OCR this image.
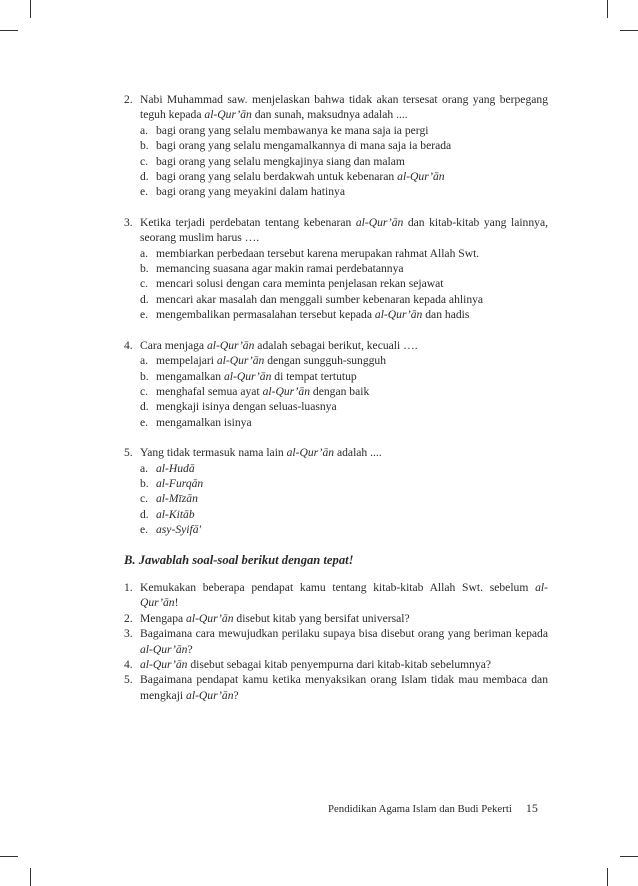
2. Nabi Muhammad saw. menjelaskan bahwa tidak akan tersesat orang yang berpegang teguh kepada al-Qur’ān dan sunah, maksudnya adalah ....
a. bagi orang yang selalu membawanya ke mana saja ia pergi
b. bagi orang yang selalu mengamalkannya di mana saja ia berada
c. bagi orang yang selalu mengkajinya siang dan malam
d. bagi orang yang selalu berdakwah untuk kebenaran al-Qur’ān
e. bagi orang yang meyakini dalam hatinya
3. Ketika terjadi perdebatan tentang kebenaran al-Qur’ān dan kitab-kitab yang lainnya, seorang muslim harus ….
a. membiarkan perbedaan tersebut karena merupakan rahmat Allah Swt.
b. memancing suasana agar makin ramai perdebatannya
c. mencari solusi dengan cara meminta penjelasan rekan sejawat
d. mencari akar masalah dan menggali sumber kebenaran kepada ahlinya
e. mengembalikan permasalahan tersebut kepada al-Qur’ān dan hadis
4. Cara menjaga al-Qur’ān adalah sebagai berikut, kecuali ….
a. mempelajari al-Qur’ān dengan sungguh-sungguh
b. mengamalkan al-Qur’ān di tempat tertutup
c. menghafal semua ayat al-Qur’ān dengan baik
d. mengkaji isinya dengan seluas-luasnya
e. mengamalkan isinya
5. Yang tidak termasuk nama lain al-Qur’ān adalah ....
a. al-Hudā
b. al-Furqān
c. al-Mīzān
d. al-Kitāb
e. asy-Syifā'
B. Jawablah soal-soal berikut dengan tepat!
1. Kemukakan beberapa pendapat kamu tentang kitab-kitab Allah Swt. sebelum al-Qur’ān!
2. Mengapa al-Qur’ān disebut kitab yang bersifat universal?
3. Bagaimana cara mewujudkan perilaku supaya bisa disebut orang yang beriman kepada al-Qur’ān?
4. al-Qur’ān disebut sebagai kitab penyempurna dari kitab-kitab sebelumnya?
5. Bagaimana pendapat kamu ketika menyaksikan orang Islam tidak mau membaca dan mengkaji al-Qur’ān?
Pendidikan Agama Islam dan Budi Pekerti 15
